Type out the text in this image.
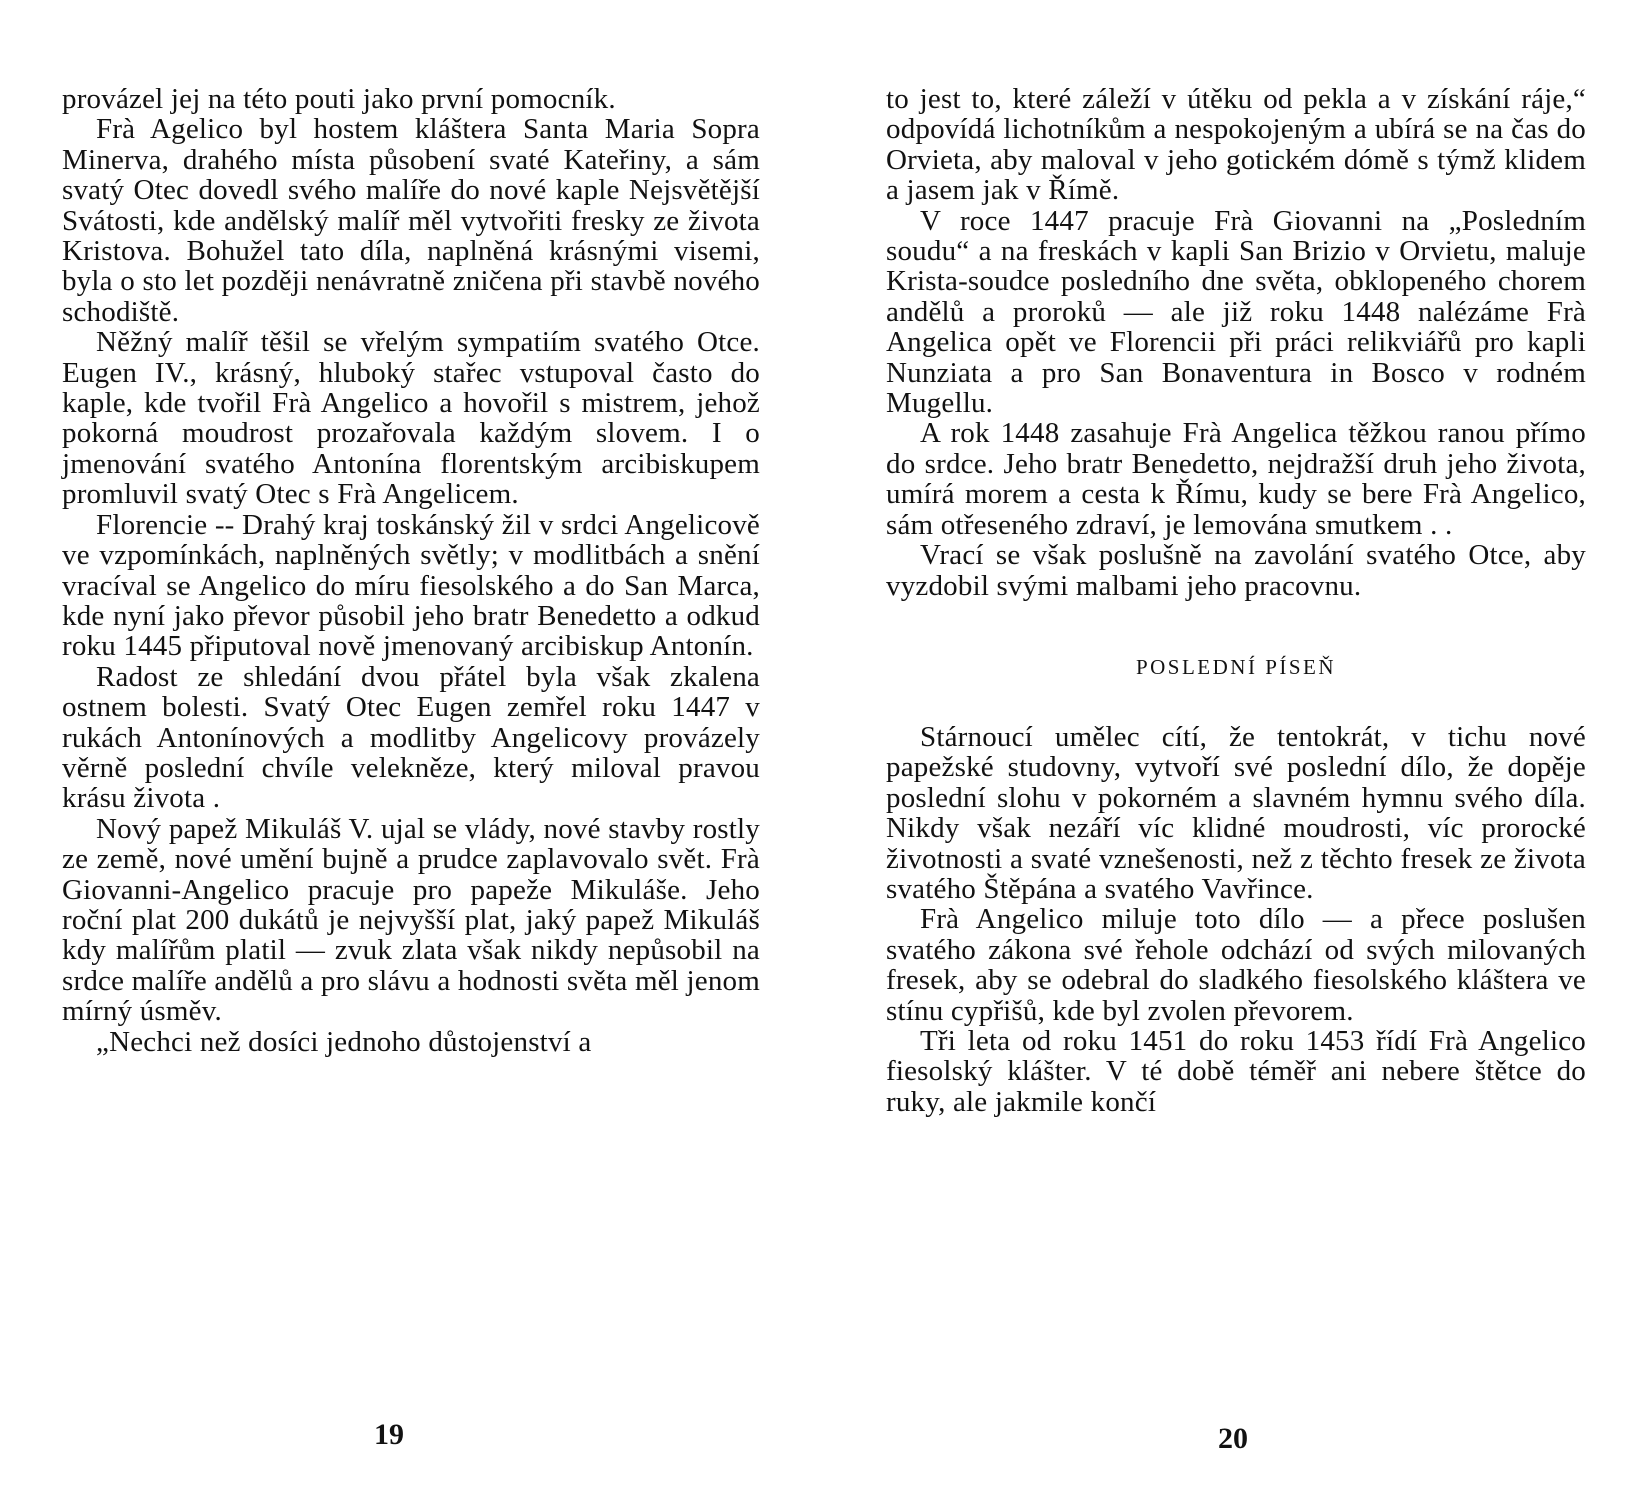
provázel jej na této pouti jako první pomocník.

Frà Agelico byl hostem kláštera Santa Maria Sopra Minerva, drahého místa působení svaté Kateřiny, a sám svatý Otec dovedl svého malíře do nové kaple Nejsvětější Svátosti, kde andělský malíř měl vytvořiti fresky ze života Kristova. Bohužel tato díla, naplněná krásnými visemi, byla o sto let později nenávratně zničena při stavbě nového schodiště.

Něžný malíř těšil se vřelým sympatiím svatého Otce. Eugen IV., krásný, hluboký stařec vstupoval často do kaple, kde tvořil Frà Angelico a hovořil s mistrem, jehož pokorná moudrost prozařovala každým slovem. I o jmenování svatého Antonína florentským arcibiskupem promluvil svatý Otec s Frà Angelicem.

Florencie -- Drahý kraj toskánský žil v srdci Angelicově ve vzpomínkách, naplněných světly; v modlitbách a snění vracíval se Angelico do míru fiesolského a do San Marca, kde nyní jako převor působil jeho bratr Benedetto a odkud roku 1445 připutoval nově jmenovaný arcibiskup Antonín.

Radost ze shledání dvou přátel byla však zkalena ostnem bolesti. Svatý Otec Eugen zemřel roku 1447 v rukách Antonínových a modlitby Angelicovy provázely věrně poslední chvíle velekněze, který miloval pravou krásu života .

Nový papež Mikuláš V. ujal se vlády, nové stavby rostly ze země, nové umění bujně a prudce zaplavovalo svět. Frà Giovanni-Angelico pracuje pro papeže Mikuláše. Jeho roční plat 200 dukátů je nejvyšší plat, jaký papež Mikuláš kdy malířům platil — zvuk zlata však nikdy nepůsobil na srdce malíře andělů a pro slávu a hodnosti světa měl jenom mírný úsměv.

„Nechci než dosíci jednoho důstojenství a

19

to jest to, které záleží v útěku od pekla a v získání ráje,“ odpovídá lichotníkům a nespokojeným a ubírá se na čas do Orvieta, aby maloval v jeho gotickém dómě s týmž klidem a jasem jak v Římě.

V roce 1447 pracuje Frà Giovanni na „Posledním soudu“ a na freskách v kapli San Brizio v Orvietu, maluje Krista-soudce posledního dne světa, obklopeného chorem andělů a proroků — ale již roku 1448 nalézáme Frà Angelica opět ve Florencii při práci relikviářů pro kapli Nunziata a pro San Bonaventura in Bosco v rodném Mugellu.

A rok 1448 zasahuje Frà Angelica těžkou ranou přímo do srdce. Jeho bratr Benedetto, nejdražší druh jeho života, umírá morem a cesta k Římu, kudy se bere Frà Angelico, sám otřeseného zdraví, je lemována smutkem . .

Vrací se však poslušně na zavolání svatého Otce, aby vyzdobil svými malbami jeho pracovnu.

POSLEDNÍ PÍSEŇ

Stárnoucí umělec cítí, že tentokrát, v tichu nové papežské studovny, vytvoří své poslední dílo, že dopěje poslední slohu v pokorném a slavném hymnu svého díla. Nikdy však nezáří víc klidné moudrosti, víc prorocké životnosti a svaté vznešenosti, než z těchto fresek ze života svatého Štěpána a svatého Vavřince.

Frà Angelico miluje toto dílo — a přece poslušen svatého zákona své řehole odchází od svých milovaných fresek, aby se odebral do sladkého fiesolského kláštera ve stínu cypřišů, kde byl zvolen převorem.

Tři leta od roku 1451 do roku 1453 řídí Frà Angelico fiesolský klášter. V té době téměř ani nebere štětce do ruky, ale jakmile končí

20
